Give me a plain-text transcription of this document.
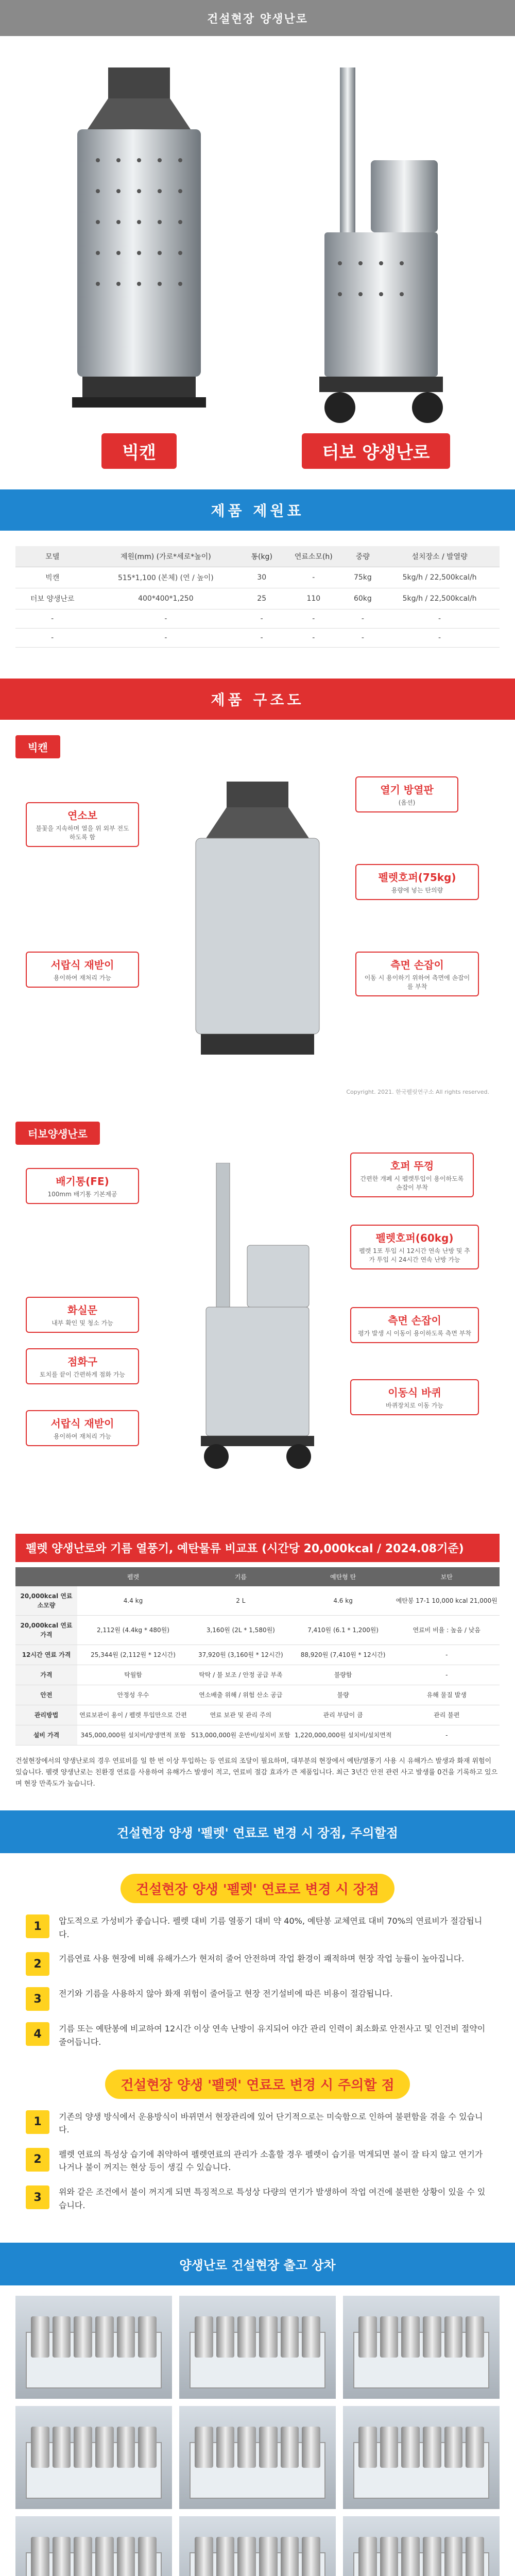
건설현장 양생난로
빅캔	터보 양생난로
제품 제원표
모델	제원(mm) (가로*세로*높이)	통(kg)	연료소모(h)	중량	설치장소 / 발열량
빅캔	515*1,100 (본체) (연 / 높이)	30	-	75kg	5kg/h / 22,500kcal/h
터보 양생난로	400*400*1,250	25	110	60kg	5kg/h / 22,500kcal/h
-	-	-	-	-	-
-	-	-	-	-	-
제품 구조도
빅캔
연소보
불꽃을 지속하며 열을 위 외부 전도하도록 함
열기 방열판
(옵션)
펠렛호퍼(75kg)
용량에 넣는 탄의량
서랍식 재받이
용이하여 재처리 가능
측면 손잡이
이동 시 용이하기 위하여 측면에 손잡이를 부착
Copyright. 2021. 한국펠릿연구소 All rights reserved.
터보양생난로
배기통(FE)
100mm 배기통 기본제공
호퍼 뚜껑
간편한 개폐 시 펠렛투입이 용이하도록 손잡이 부착
펠렛호퍼(60kg)
펠렛 1포 투입 시 12시간 연속 난방 및 추가 투입 시 24시간 연속 난방 가능
화실문
내부 확인 및 청소 가능
점화구
토치를 끝이 간편하게 점화 가능
측면 손잡이
평가 발생 시 이동이 용이하도록 측면 부착
서랍식 재받이
용이하여 재처리 가능
이동식 바퀴
바퀴장치로 이동 가능
펠렛 양생난로와 기름 열풍기, 예탄물류 비교표 (시간당 20,000kcal / 2024.08기준)
	펠렛	기름	예탄형 탄	보탄
20,000kcal 연료 소모량	4.4 kg	2 L	4.6 kg	예탄봉 17-1 10,000 kcal 21,000원
20,000kcal 연료 가격	2,112원 (4.4kg * 480원)	3,160원 (2L * 1,580원)	7,410원 (6.1 * 1,200원)	연료비 비율 : 높음 / 낮음
12시간 연료 가격	25,344원 (2,112원 * 12시간)	37,920원 (3,160원 * 12시간)	88,920원 (7,410원 * 12시간)	-
가격	탁월함	탁탁 / 불 보조 / 안정 공급 부족	불량함	-
안전	안정성 우수	연소배출 위해 / 위험 산소 공급	불량	유해 물질 발생
관리방법	연료보관이 용이 / 펠렛 투입만으로 간편	연료 보관 및 관리 주의	관리 부담이 큼	관리 불편
설비 가격	345,000,000원 설치비/양생면적 포함	513,000,000원 운반비/설치비 포함	1,220,000,000원 설치비/설치면적	-
건설현장에서의 양생난로의 경우 연료비를 일 한 번 이상 투입하는 등 연료의 조달이 필요하며, 대부분의 현장에서 예탄/열풍기 사용 시 유해가스 발생과 화재 위험이 있습니다. 펠렛 양생난로는 친환경 연료를 사용하여 유해가스 발생이 적고, 연료비 절감 효과가 큰 제품입니다. 최근 3년간 안전 관련 사고 발생률 0건을 기록하고 있으며 현장 만족도가 높습니다.
건설현장 양생 '펠렛' 연료로 변경 시 장점, 주의할점
건설현장 양생 '펠렛' 연료로 변경 시 장점
1	압도적으로 가성비가 좋습니다. 펠렛 대비 기름 열풍기 대비 약 40%, 예탄봉 교체연료 대비 70%의 연료비가 절감됩니다.
2	기름연료 사용 현장에 비해 유해가스가 현저히 줄어 안전하며 작업 환경이 쾌적하며 현장 작업 능률이 높아집니다.
3	전기와 기름을 사용하지 않아 화재 위험이 줄어들고 현장 전기설비에 따른 비용이 절감됩니다.
4	기름 또는 예탄봉에 비교하여 12시간 이상 연속 난방이 유지되어 야간 관리 인력이 최소화로 안전사고 및 인건비 절약이 줄어듭니다.
건설현장 양생 '펠렛' 연료로 변경 시 주의할 점
1	기존의 양생 방식에서 운용방식이 바뀌면서 현장관리에 있어 단기적으로는 미숙함으로 인하여 불편함을 겪을 수 있습니다.
2	펠렛 연료의 특성상 습기에 취약하여 펠렛연료의 관리가 소홀할 경우 펠렛이 습기를 먹게되면 불이 잘 타지 않고 연기가 나거나 불이 꺼지는 현상 등이 생길 수 있습니다.
3	위와 같은 조건에서 불이 꺼지게 되면 특징적으로 특성상 다량의 연기가 발생하여 작업 여건에 불편한 상황이 있을 수 있습니다.
양생난로 건설현장 출고 상차
